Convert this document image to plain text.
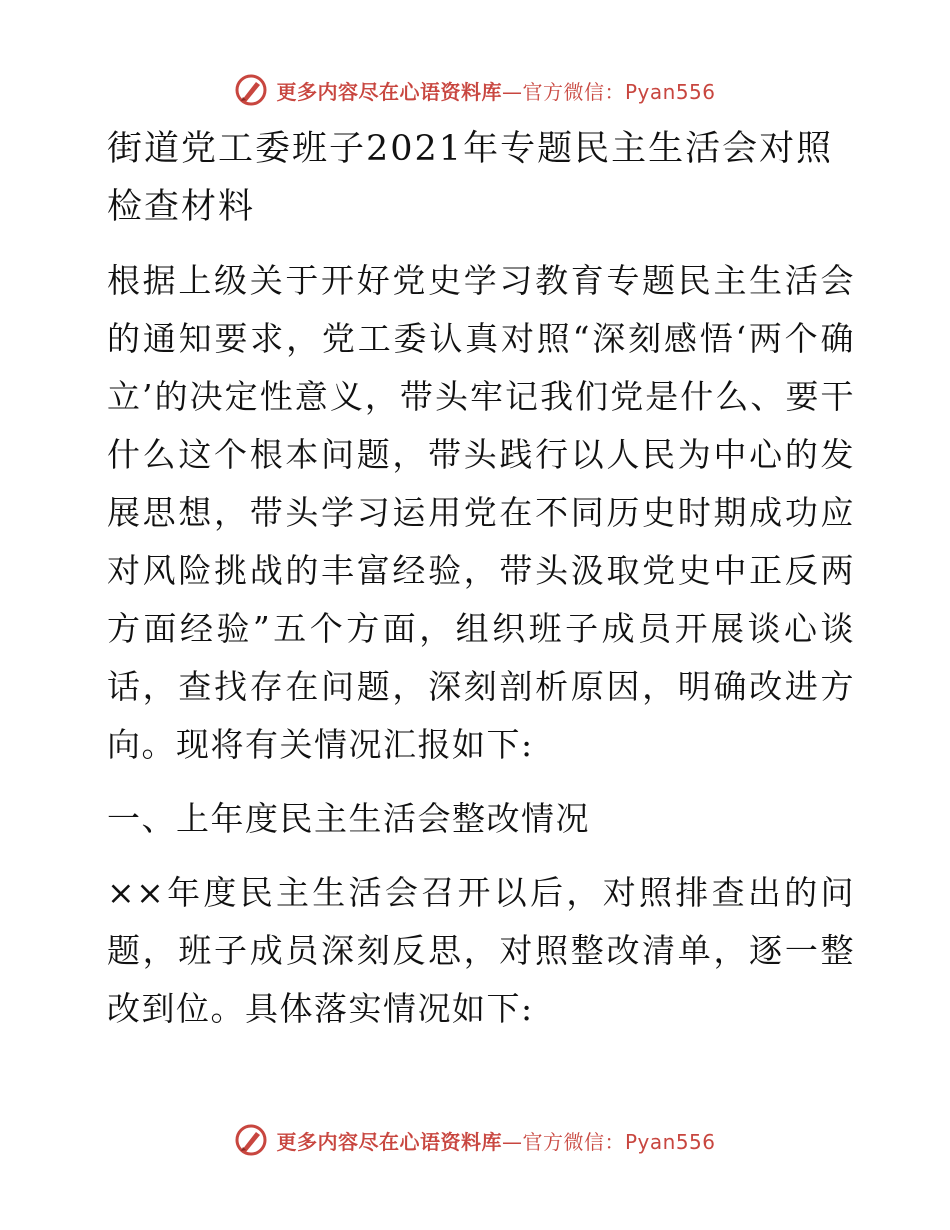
更多内容尽在心语资料库—官方微信：Pyan556

街道党工委班子2021年专题民主生活会对照检查材料

根据上级关于开好党史学习教育专题民主生活会的通知要求，党工委认真对照“深刻感悟‘两个确立’的决定性意义，带头牢记我们党是什么、要干什么这个根本问题，带头践行以人民为中心的发展思想，带头学习运用党在不同历史时期成功应对风险挑战的丰富经验，带头汲取党史中正反两方面经验”五个方面，组织班子成员开展谈心谈话，查找存在问题，深刻剖析原因，明确改进方向。现将有关情况汇报如下:

一、上年度民主生活会整改情况

××年度民主生活会召开以后，对照排查出的问题，班子成员深刻反思，对照整改清单，逐一整改到位。具体落实情况如下:

更多内容尽在心语资料库—官方微信：Pyan556
